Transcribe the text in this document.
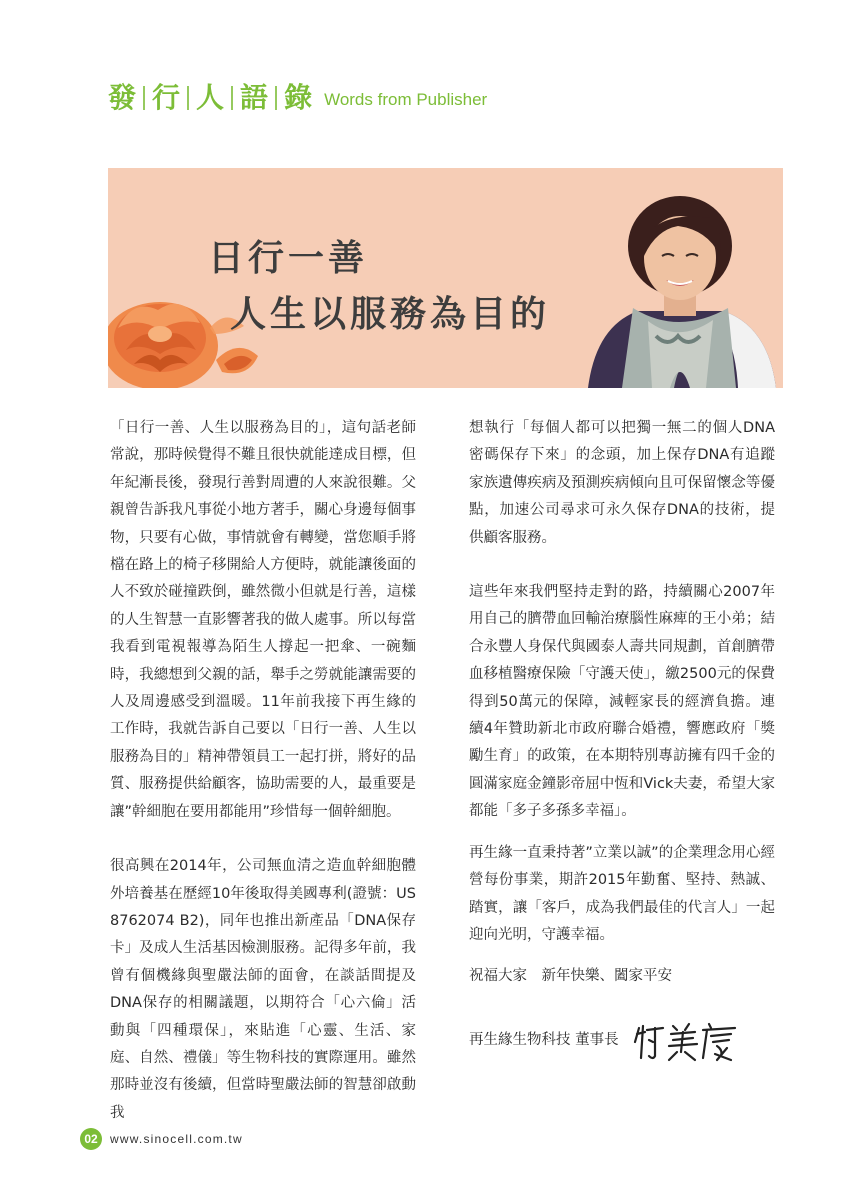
發 行 人 語 錄 Words from Publisher
日行一善
人生以服務為目的

「日行一善、人生以服務為目的」，這句話老師常說，那時候覺得不難且很快就能達成目標，但年紀漸長後，發現行善對周遭的人來說很難。父親曾告訴我凡事從小地方著手，關心身邊每個事物，只要有心做，事情就會有轉變，當您順手將檔在路上的椅子移開給人方便時，就能讓後面的人不致於碰撞跌倒，雖然微小但就是行善，這樣的人生智慧一直影響著我的做人處事。所以每當我看到電視報導為陌生人撐起一把傘、一碗麵時，我總想到父親的話，舉手之勞就能讓需要的人及周邊感受到溫暖。11年前我接下再生緣的工作時，我就告訴自己要以「日行一善、人生以服務為目的」精神帶領員工一起打拼，將好的品質、服務提供給顧客，協助需要的人，最重要是讓”幹細胞在要用都能用”珍惜每一個幹細胞。

很高興在2014年，公司無血清之造血幹細胞體外培養基在歷經10年後取得美國專利(證號：US 8762074 B2)，同年也推出新產品「DNA保存卡」及成人生活基因檢測服務。記得多年前，我曾有個機緣與聖嚴法師的面會，在談話間提及DNA保存的相關議題，以期符合「心六倫」活動與「四種環保」，來貼進「心靈、生活、家庭、自然、禮儀」等生物科技的實際運用。雖然那時並沒有後續，但當時聖嚴法師的智慧卻啟動我

想執行「每個人都可以把獨一無二的個人DNA密碼保存下來」的念頭，加上保存DNA有追蹤家族遺傳疾病及預測疾病傾向且可保留懷念等優點，加速公司尋求可永久保存DNA的技術，提供顧客服務。

這些年來我們堅持走對的路，持續關心2007年用自己的臍帶血回輸治療腦性麻痺的王小弟；結合永豐人身保代與國泰人壽共同規劃，首創臍帶血移植醫療保險「守護天使」，繳2500元的保費得到50萬元的保障，減輕家長的經濟負擔。連續4年贊助新北市政府聯合婚禮，響應政府「獎勵生育」的政策，在本期特別專訪擁有四千金的圓滿家庭金鐘影帝屈中恆和Vick夫妻，希望大家都能「多子多孫多幸福」。

再生緣一直秉持著”立業以誠”的企業理念用心經營每份事業，期許2015年勤奮、堅持、熱誠、踏實，讓「客戶，成為我們最佳的代言人」一起迎向光明，守護幸福。

祝福大家　新年快樂、闔家平安

再生緣生物科技 董事長
02	www.sinocell.com.tw
